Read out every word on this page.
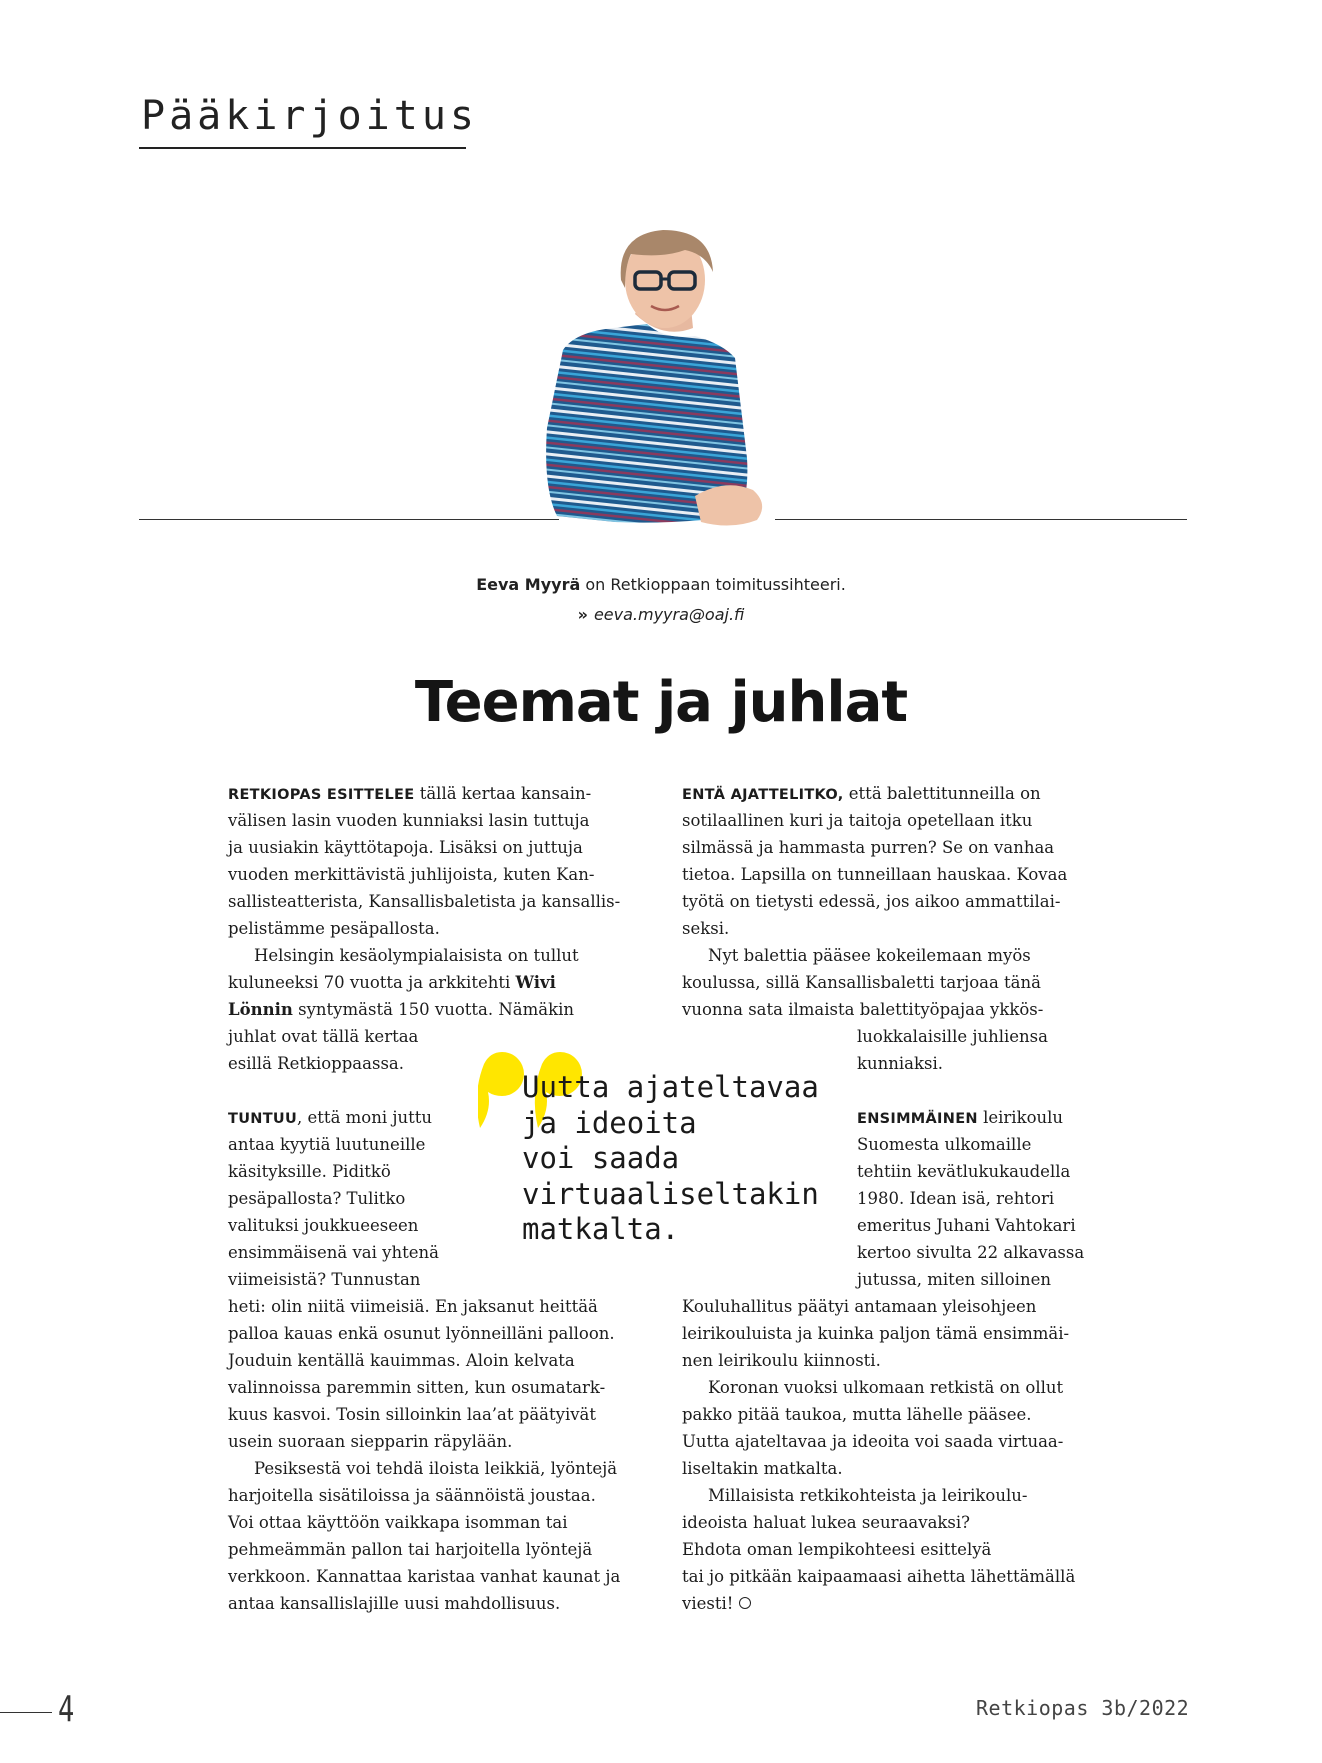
Pääkirjoitus
Eeva Myyrä on Retkioppaan toimitussihteeri.
» eeva.myyra@oaj.fi
Teemat ja juhlat
RETKIOPAS ESITTELEE tällä kertaa kansain-
välisen lasin vuoden kunniaksi lasin tuttuja
ja uusiakin käyttötapoja. Lisäksi on juttuja
vuoden merkittävistä juhlijoista, kuten Kan-
sallisteatterista, Kansallisbaletista ja kansallis-
pelistämme pesäpallosta.
Helsingin kesäolympialaisista on tullut
kuluneeksi 70 vuotta ja arkkitehti Wivi
Lönnin syntymästä 150 vuotta. Nämäkin
juhlat ovat tällä kertaa
esillä Retkioppaassa.
TUNTUU, että moni juttu
antaa kyytiä luutuneille
käsityksille. Piditkö
pesäpallosta? Tulitko
valituksi joukkueeseen
ensimmäisenä vai yhtenä
viimeisistä? Tunnustan
heti: olin niitä viimeisiä. En jaksanut heittää
palloa kauas enkä osunut lyönneilläni palloon.
Jouduin kentällä kauimmas. Aloin kelvata
valinnoissa paremmin sitten, kun osumatark-
kuus kasvoi. Tosin silloinkin laa’at päätyivät
usein suoraan siepparin räpylään.
Pesiksestä voi tehdä iloista leikkiä, lyöntejä
harjoitella sisätiloissa ja säännöistä joustaa.
Voi ottaa käyttöön vaikkapa isomman tai
pehmeämmän pallon tai harjoitella lyöntejä
verkkoon. Kannattaa karistaa vanhat kaunat ja
antaa kansallislajille uusi mahdollisuus.
ENTÄ AJATTELITKO, että balettitunneilla on
sotilaallinen kuri ja taitoja opetellaan itku
silmässä ja hammasta purren? Se on vanhaa
tietoa. Lapsilla on tunneillaan hauskaa. Kovaa
työtä on tietysti edessä, jos aikoo ammattilai-
seksi.
Nyt balettia pääsee kokeilemaan myös
koulussa, sillä Kansallisbaletti tarjoaa tänä
vuonna sata ilmaista balettityöpajaa ykkös-
luokkalaisille juhliensa
kunniaksi.
ENSIMMÄINEN leirikoulu
Suomesta ulkomaille
tehtiin kevätlukukaudella
1980. Idean isä, rehtori
emeritus Juhani Vahtokari
kertoo sivulta 22 alkavassa
jutussa, miten silloinen
Kouluhallitus päätyi antamaan yleisohjeen
leirikouluista ja kuinka paljon tämä ensimmäi-
nen leirikoulu kiinnosti.
Koronan vuoksi ulkomaan retkistä on ollut
pakko pitää taukoa, mutta lähelle pääsee.
Uutta ajateltavaa ja ideoita voi saada virtuaa-
liseltakin matkalta.
Millaisista retkikohteista ja leirikoulu-
ideoista haluat lukea seuraavaksi?
Ehdota oman lempikohteesi esittelyä
tai jo pitkään kaipaamaasi aihetta lähettämällä
viesti!
Uutta ajateltavaa
ja ideoita
voi saada
virtuaaliseltakin
matkalta.
4	Retkiopas 3b/2022
